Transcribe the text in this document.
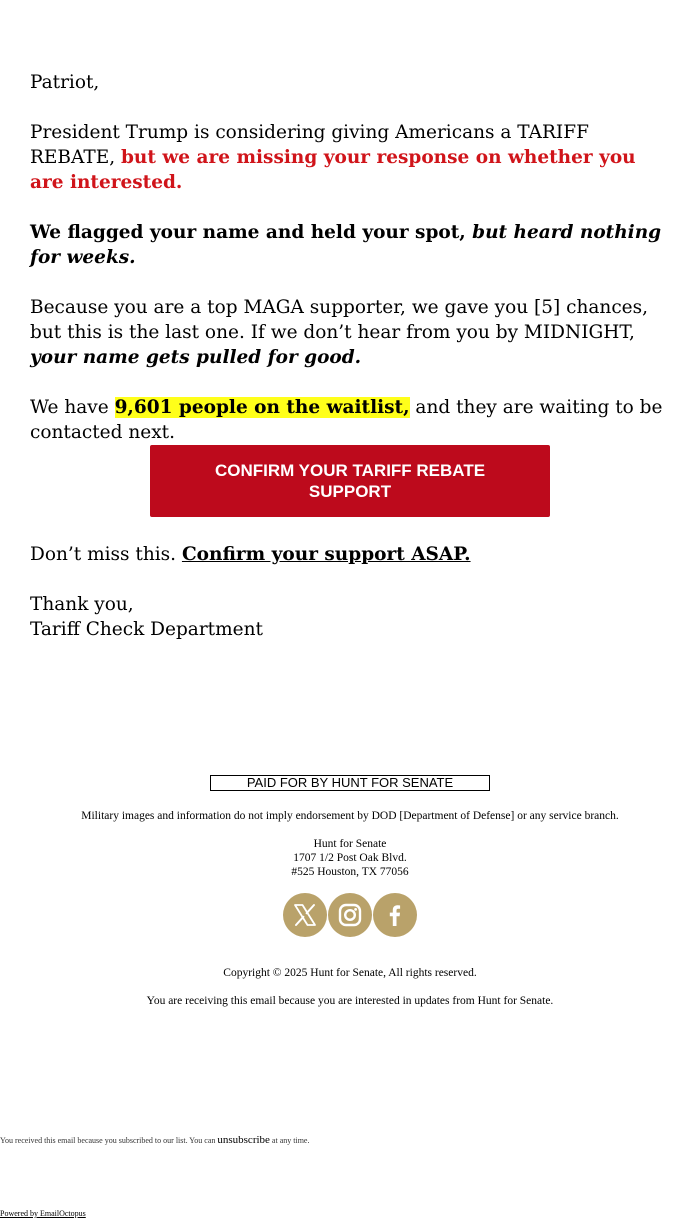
Patriot,

President Trump is considering giving Americans a TARIFF REBATE, but we are missing your response on whether you are interested.

We flagged your name and held your spot, but heard nothing for weeks.

Because you are a top MAGA supporter, we gave you [5] chances, but this is the last one. If we don’t hear from you by MIDNIGHT, your name gets pulled for good.

We have 9,601 people on the waitlist, and they are waiting to be contacted next.

CONFIRM YOUR TARIFF REBATE SUPPORT

Don’t miss this. Confirm your support ASAP.

Thank you,
Tariff Check Department
PAID FOR BY HUNT FOR SENATE
Military images and information do not imply endorsement by DOD [Department of Defense] or any service branch.
Hunt for Senate
1707 1/2 Post Oak Blvd.
#525 Houston, TX 77056
Copyright © 2025 Hunt for Senate, All rights reserved.
You are receiving this email because you are interested in updates from Hunt for Senate.
You received this email because you subscribed to our list. You can unsubscribe at any time.
Powered by EmailOctopus
